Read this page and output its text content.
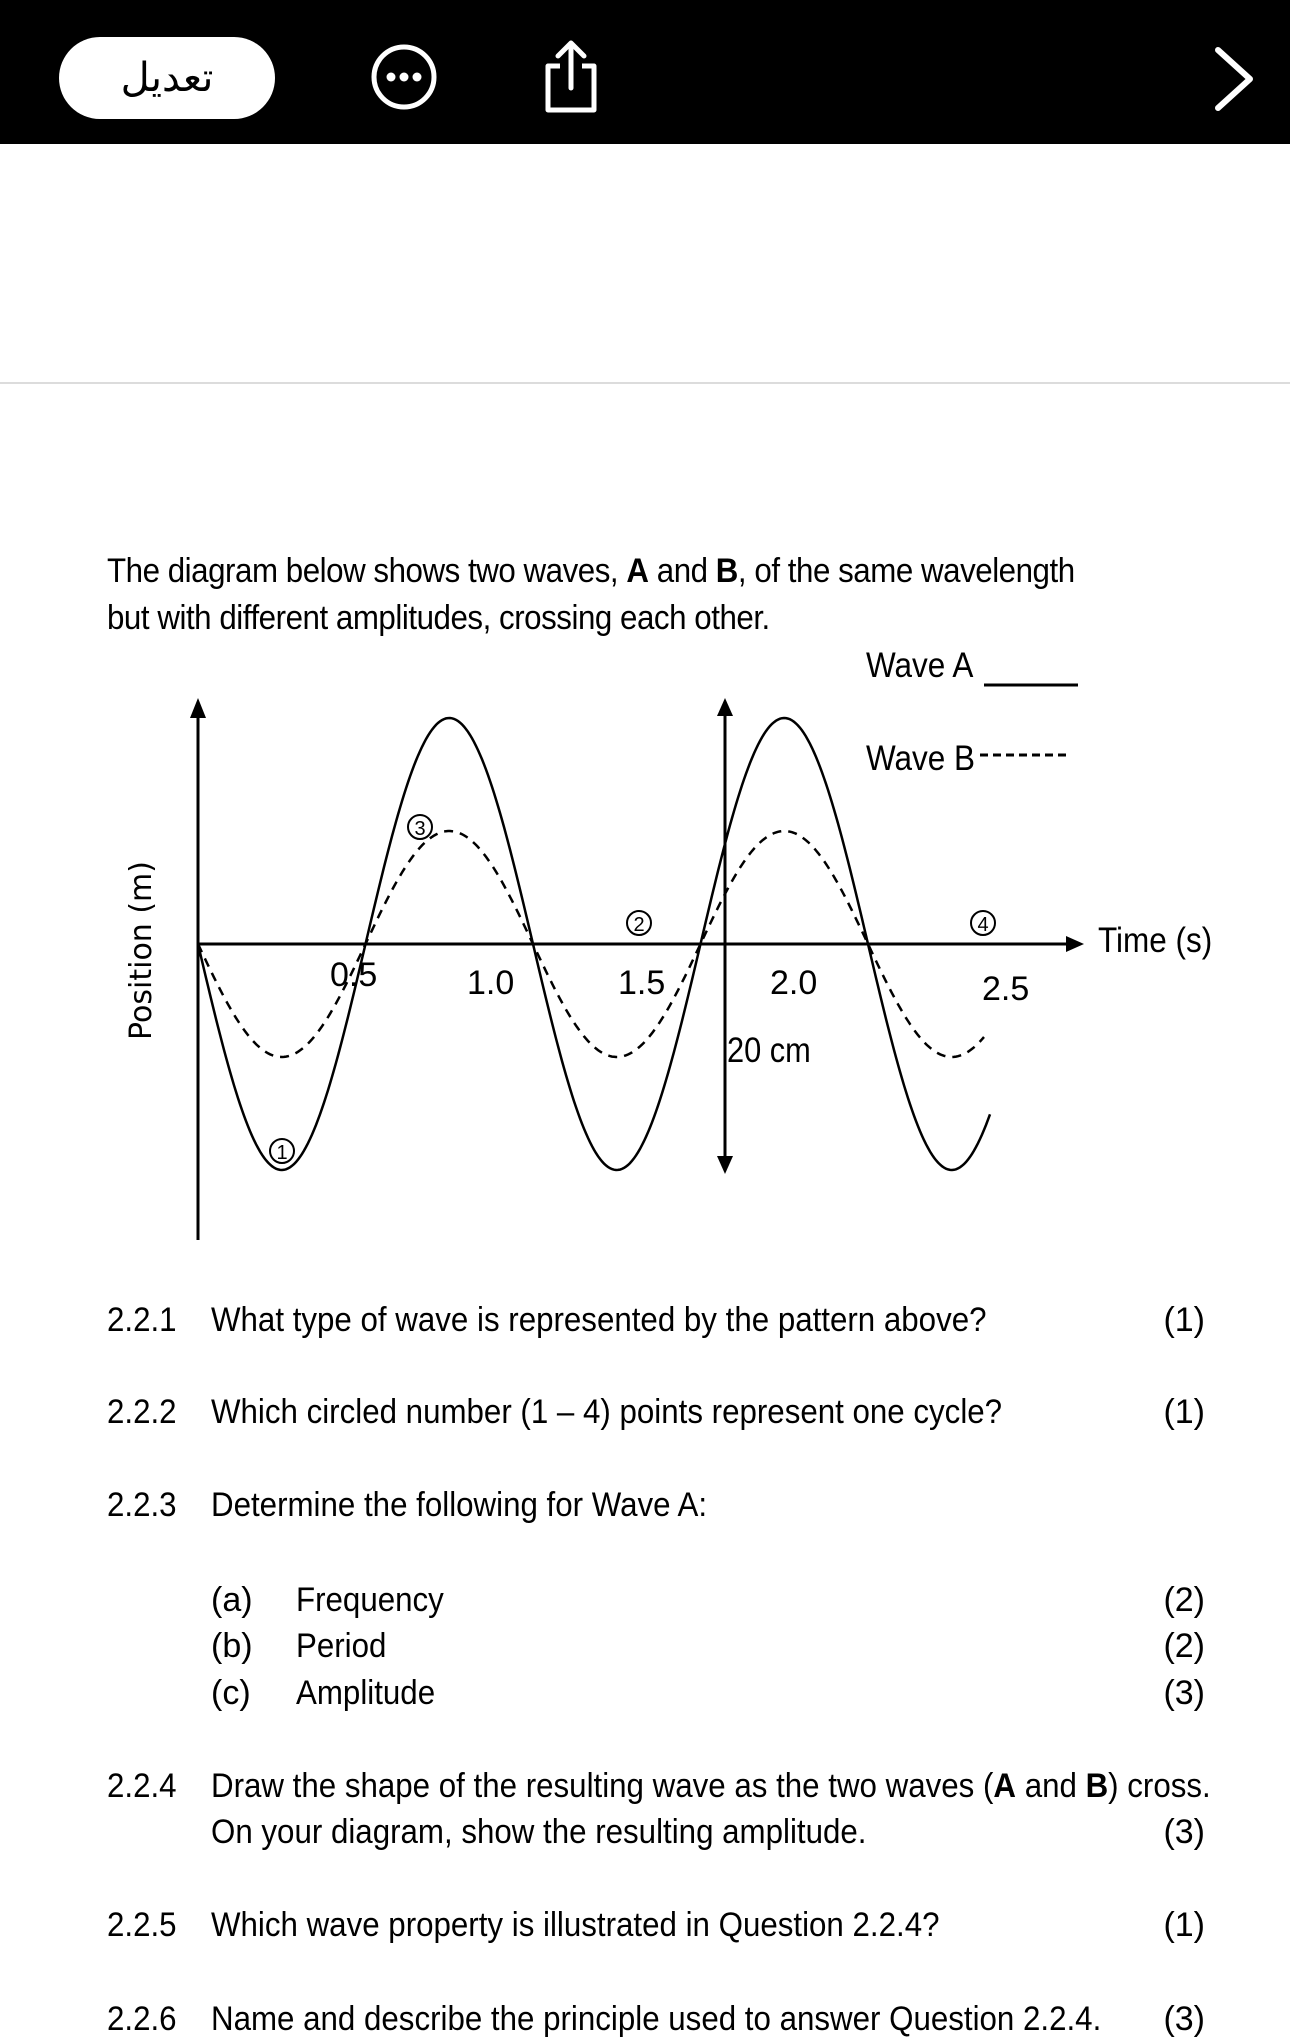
تعديل
The diagram below shows two waves, A and B, of the same wavelength but with different amplitudes, crossing each other.
Wave A
Wave B
Position (m)	Time (s)
20 cm
0.5	1.0	1.5	2.0	2.5
1
2
3
4
2.2.1 What type of wave is represented by the pattern above?	(1)
2.2.2 Which circled number (1 – 4) points represent one cycle?	(1)
2.2.3 Determine the following for Wave A:
(a) Frequency	(2)
(b) Period	(2)
(c) Amplitude	(3)
2.2.4 Draw the shape of the resulting wave as the two waves (A and B) cross.
On your diagram, show the resulting amplitude.	(3)
2.2.5 Which wave property is illustrated in Question 2.2.4?	(1)
2.2.6 Name and describe the principle used to answer Question 2.2.4. (3)
